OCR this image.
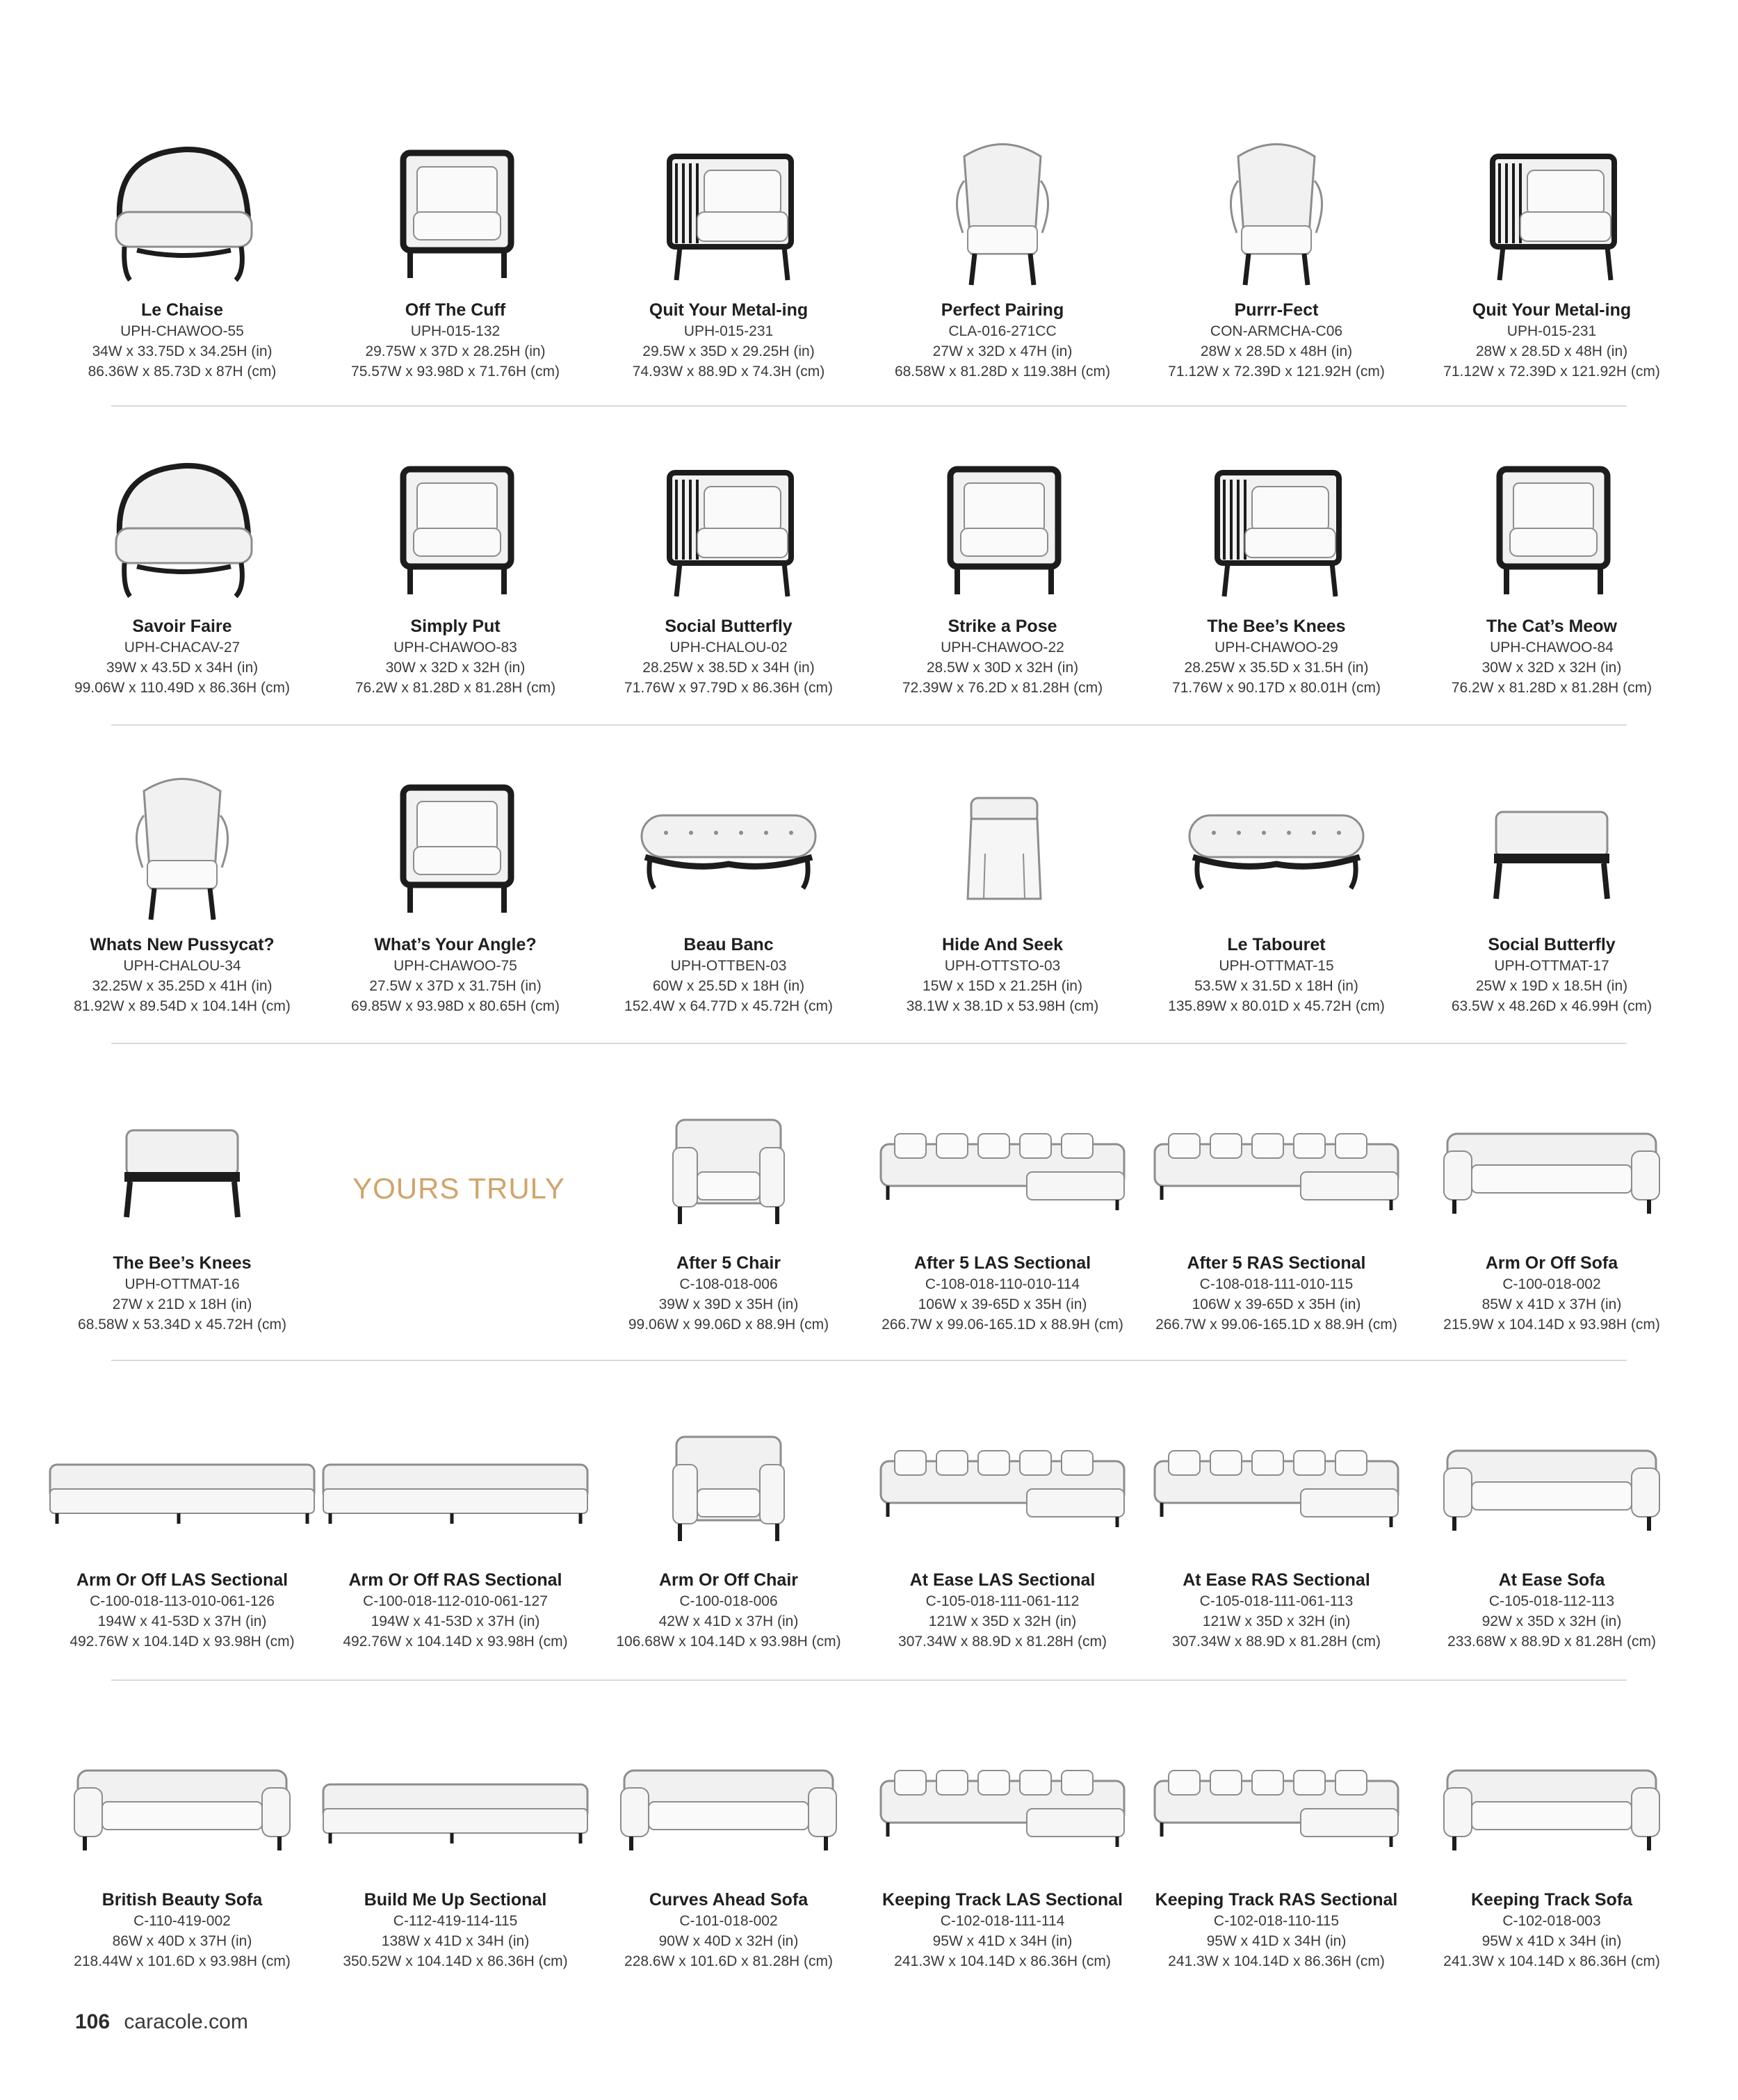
Le Chaise
UPH-CHAWOO-55
34W x 33.75D x 34.25H (in)
86.36W x 85.73D x 87H (cm)
Off The Cuff
UPH-015-132
29.75W x 37D x 28.25H (in)
75.57W x 93.98D x 71.76H (cm)
Quit Your Metal-ing
UPH-015-231
29.5W x 35D x 29.25H (in)
74.93W x 88.9D x 74.3H (cm)
Perfect Pairing
CLA-016-271CC
27W x 32D x 47H (in)
68.58W x 81.28D x 119.38H (cm)
Purrr-Fect
CON-ARMCHA-C06
28W x 28.5D x 48H (in)
71.12W x 72.39D x 121.92H (cm)
Quit Your Metal-ing
UPH-015-231
28W x 28.5D x 48H (in)
71.12W x 72.39D x 121.92H (cm)
Savoir Faire
UPH-CHACAV-27
39W x 43.5D x 34H (in)
99.06W x 110.49D x 86.36H (cm)
Simply Put
UPH-CHAWOO-83
30W x 32D x 32H (in)
76.2W x 81.28D x 81.28H (cm)
Social Butterfly
UPH-CHALOU-02
28.25W x 38.5D x 34H (in)
71.76W x 97.79D x 86.36H (cm)
Strike a Pose
UPH-CHAWOO-22
28.5W x 30D x 32H (in)
72.39W x 76.2D x 81.28H (cm)
The Bee’s Knees
UPH-CHAWOO-29
28.25W x 35.5D x 31.5H (in)
71.76W x 90.17D x 80.01H (cm)
The Cat’s Meow
UPH-CHAWOO-84
30W x 32D x 32H (in)
76.2W x 81.28D x 81.28H (cm)
Whats New Pussycat?
UPH-CHALOU-34
32.25W x 35.25D x 41H (in)
81.92W x 89.54D x 104.14H (cm)
What’s Your Angle?
UPH-CHAWOO-75
27.5W x 37D x 31.75H (in)
69.85W x 93.98D x 80.65H (cm)
Beau Banc
UPH-OTTBEN-03
60W x 25.5D x 18H (in)
152.4W x 64.77D x 45.72H (cm)
Hide And Seek
UPH-OTTSTO-03
15W x 15D x 21.25H (in)
38.1W x 38.1D x 53.98H (cm)
Le Tabouret
UPH-OTTMAT-15
53.5W x 31.5D x 18H (in)
135.89W x 80.01D x 45.72H (cm)
Social Butterfly
UPH-OTTMAT-17
25W x 19D x 18.5H (in)
63.5W x 48.26D x 46.99H (cm)
The Bee’s Knees
UPH-OTTMAT-16
27W x 21D x 18H (in)
68.58W x 53.34D x 45.72H (cm)
After 5 Chair
C-108-018-006
39W x 39D x 35H (in)
99.06W x 99.06D x 88.9H (cm)
After 5 LAS Sectional
C-108-018-110-010-114
106W x 39-65D x 35H (in)
266.7W x 99.06-165.1D x 88.9H (cm)
After 5 RAS Sectional
C-108-018-111-010-115
106W x 39-65D x 35H (in)
266.7W x 99.06-165.1D x 88.9H (cm)
Arm Or Off Sofa
C-100-018-002
85W x 41D x 37H (in)
215.9W x 104.14D x 93.98H (cm)
Arm Or Off LAS Sectional
C-100-018-113-010-061-126
194W x 41-53D x 37H (in)
492.76W x 104.14D x 93.98H (cm)
Arm Or Off RAS Sectional
C-100-018-112-010-061-127
194W x 41-53D x 37H (in)
492.76W x 104.14D x 93.98H (cm)
Arm Or Off Chair
C-100-018-006
42W x 41D x 37H (in)
106.68W x 104.14D x 93.98H (cm)
At Ease LAS Sectional
C-105-018-111-061-112
121W x 35D x 32H (in)
307.34W x 88.9D x 81.28H (cm)
At Ease RAS Sectional
C-105-018-111-061-113
121W x 35D x 32H (in)
307.34W x 88.9D x 81.28H (cm)
At Ease Sofa
C-105-018-112-113
92W x 35D x 32H (in)
233.68W x 88.9D x 81.28H (cm)
British Beauty Sofa
C-110-419-002
86W x 40D x 37H (in)
218.44W x 101.6D x 93.98H (cm)
Build Me Up Sectional
C-112-419-114-115
138W x 41D x 34H (in)
350.52W x 104.14D x 86.36H (cm)
Curves Ahead Sofa
C-101-018-002
90W x 40D x 32H (in)
228.6W x 101.6D x 81.28H (cm)
Keeping Track LAS Sectional
C-102-018-111-114
95W x 41D x 34H (in)
241.3W x 104.14D x 86.36H (cm)
Keeping Track RAS Sectional
C-102-018-110-115
95W x 41D x 34H (in)
241.3W x 104.14D x 86.36H (cm)
Keeping Track Sofa
C-102-018-003
95W x 41D x 34H (in)
241.3W x 104.14D x 86.36H (cm)
YOURS TRULY
106 caracole.com
